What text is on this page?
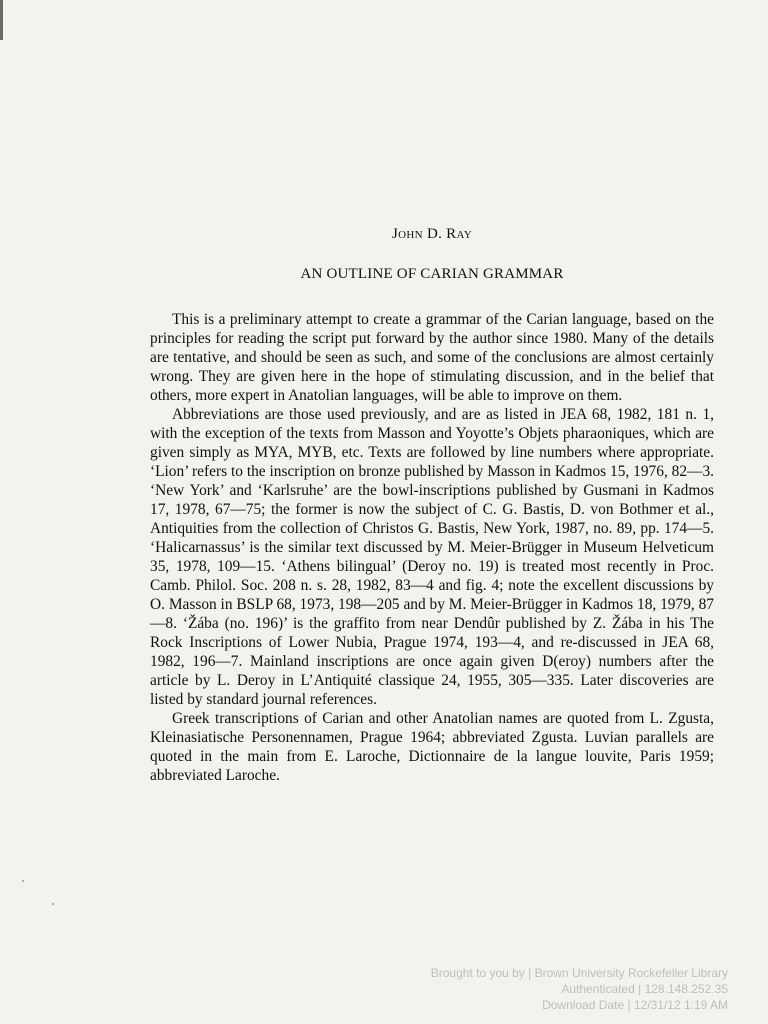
John D. Ray
AN OUTLINE OF CARIAN GRAMMAR

This is a preliminary attempt to create a grammar of the Carian language, based on the principles for reading the script put forward by the author since 1980. Many of the details are tentative, and should be seen as such, and some of the conclusions are almost certainly wrong. They are given here in the hope of stimulating discussion, and in the belief that others, more expert in Anatolian languages, will be able to improve on them.

Abbreviations are those used previously, and are as listed in JEA 68, 1982, 181 n. 1, with the exception of the texts from Masson and Yoyotte’s Objets pharaoniques, which are given simply as MYA, MYB, etc. Texts are followed by line numbers where appropriate. ‘Lion’ refers to the inscription on bronze published by Masson in Kadmos 15, 1976, 82—3. ‘New York’ and ‘Karlsruhe’ are the bowl-inscriptions published by Gusmani in Kadmos 17, 1978, 67—75; the former is now the subject of C. G. Bastis, D. von Bothmer et al., Antiquities from the collection of Christos G. Bastis, New York, 1987, no. 89, pp. 174—5. ‘Halicarnassus’ is the similar text discussed by M. Meier-Brügger in Museum Helveticum 35, 1978, 109—15. ‘Athens bilingual’ (Deroy no. 19) is treated most recently in Proc. Camb. Philol. Soc. 208 n. s. 28, 1982, 83—4 and fig. 4; note the excellent discussions by O. Masson in BSLP 68, 1973, 198—205 and by M. Meier-Brügger in Kadmos 18, 1979, 87—8. ‘Žába (no. 196)’ is the graffito from near Dendûr published by Z. Žába in his The Rock Inscriptions of Lower Nubia, Prague 1974, 193—4, and re-discussed in JEA 68, 1982, 196—7. Mainland inscriptions are once again given D(eroy) numbers after the article by L. Deroy in L’Antiquité classique 24, 1955, 305—335. Later discoveries are listed by standard journal references.

Greek transcriptions of Carian and other Anatolian names are quoted from L. Zgusta, Kleinasiatische Personennamen, Prague 1964; abbreviated Zgusta. Luvian parallels are quoted in the main from E. Laroche, Dictionnaire de la langue louvite, Paris 1959; abbreviated Laroche.

Brought to you by | Brown University Rockefeller Library
Authenticated | 128.148.252.35
Download Date | 12/31/12 1:19 AM
